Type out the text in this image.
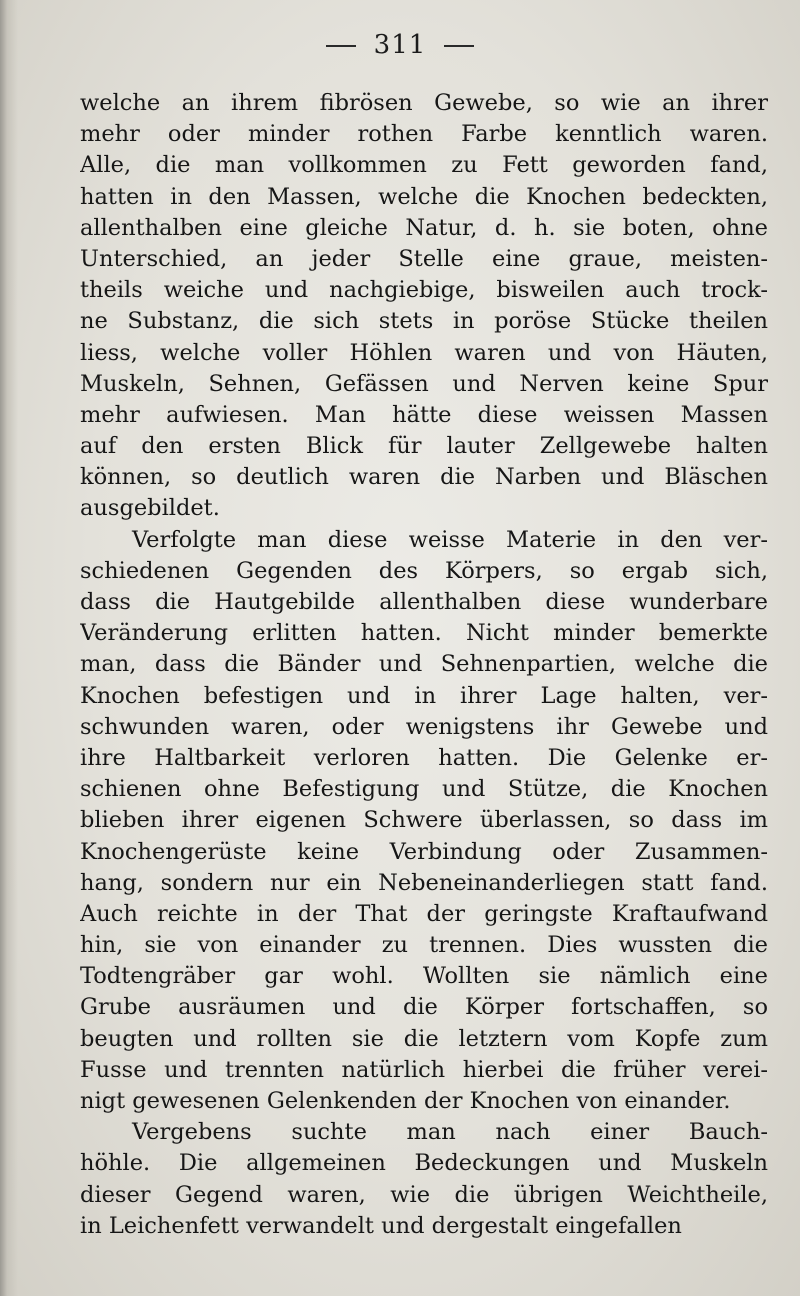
311
welche an ihrem fibrösen Gewebe, so wie an ihrer
mehr oder minder rothen Farbe kenntlich waren.
Alle, die man vollkommen zu Fett geworden fand,
hatten in den Massen, welche die Knochen bedeckten,
allenthalben eine gleiche Natur, d. h. sie boten, ohne
Unterschied, an jeder Stelle eine graue, meisten-
theils weiche und nachgiebige, bisweilen auch trock-
ne Substanz, die sich stets in poröse Stücke theilen
liess, welche voller Höhlen waren und von Häuten,
Muskeln, Sehnen, Gefässen und Nerven keine Spur
mehr aufwiesen. Man hätte diese weissen Massen
auf den ersten Blick für lauter Zellgewebe halten
können, so deutlich waren die Narben und Bläschen
ausgebildet.
Verfolgte man diese weisse Materie in den ver-
schiedenen Gegenden des Körpers, so ergab sich,
dass die Hautgebilde allenthalben diese wunderbare
Veränderung erlitten hatten. Nicht minder bemerkte
man, dass die Bänder und Sehnenpartien, welche die
Knochen befestigen und in ihrer Lage halten, ver-
schwunden waren, oder wenigstens ihr Gewebe und
ihre Haltbarkeit verloren hatten. Die Gelenke er-
schienen ohne Befestigung und Stütze, die Knochen
blieben ihrer eigenen Schwere überlassen, so dass im
Knochengerüste keine Verbindung oder Zusammen-
hang, sondern nur ein Nebeneinanderliegen statt fand.
Auch reichte in der That der geringste Kraftaufwand
hin, sie von einander zu trennen. Dies wussten die
Todtengräber gar wohl. Wollten sie nämlich eine
Grube ausräumen und die Körper fortschaffen, so
beugten und rollten sie die letztern vom Kopfe zum
Fusse und trennten natürlich hierbei die früher verei-
nigt gewesenen Gelenkenden der Knochen von einander.
Vergebens suchte man nach einer Bauch-
höhle. Die allgemeinen Bedeckungen und Muskeln
dieser Gegend waren, wie die übrigen Weichtheile,
in Leichenfett verwandelt und dergestalt eingefallen
